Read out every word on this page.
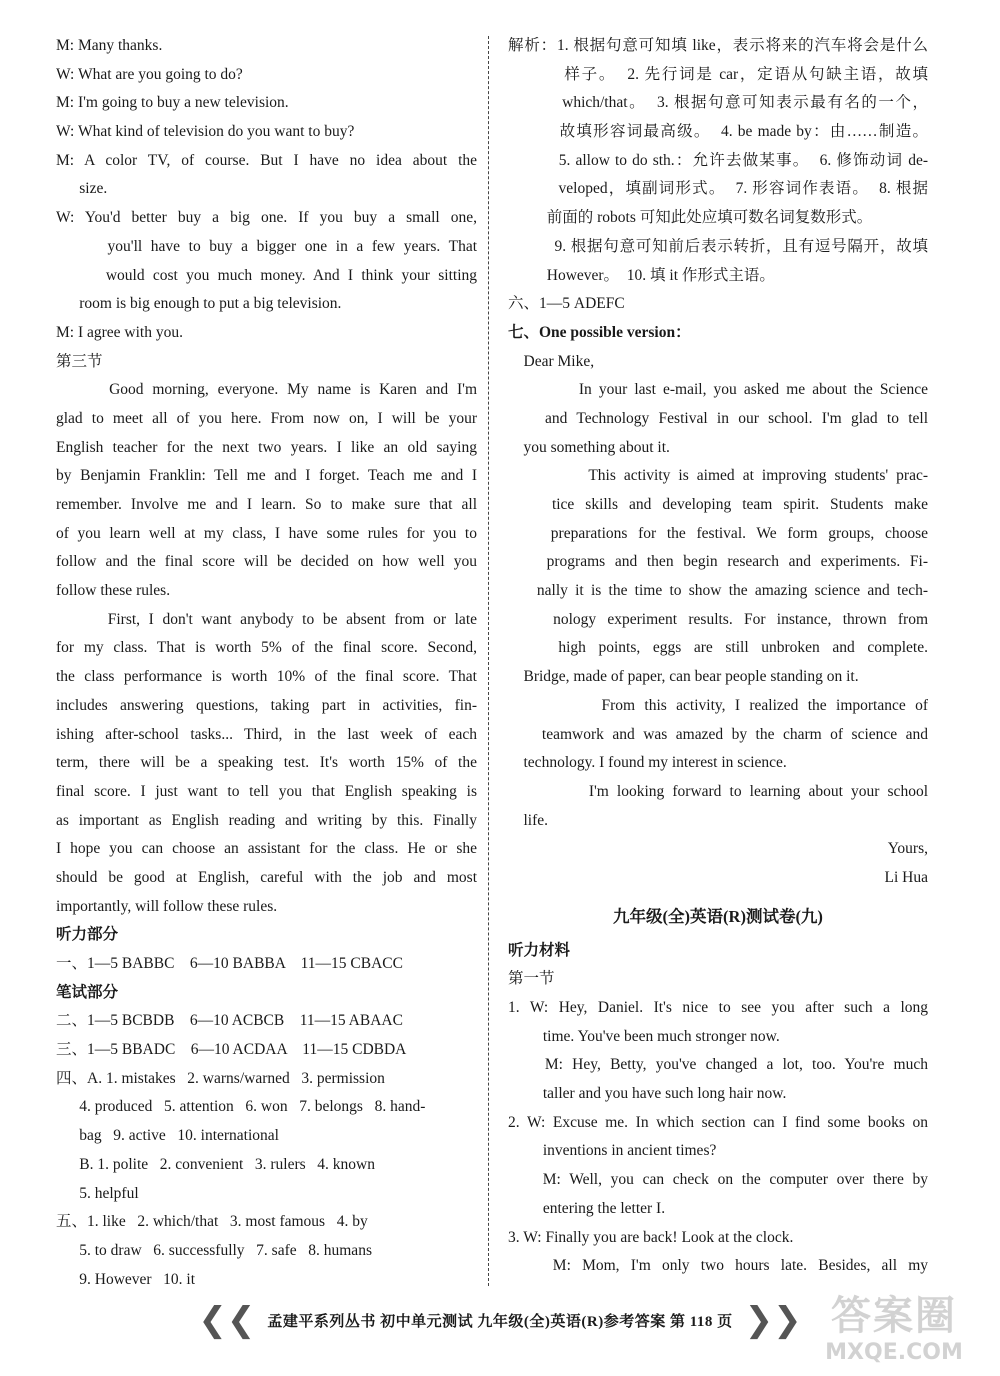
M: Many thanks.
W: What are you going to do?
M: I'm going to buy a new television.
W: What kind of television do you want to buy?
M: A color TV, of course. But I have no idea about the
size.
W: You'd better buy a big one. If you buy a small one,
you'll have to buy a bigger one in a few years. That
would cost you much money. And I think your sitting
room is big enough to put a big television.
M: I agree with you.
第三节
Good morning, everyone. My name is Karen and I'm
glad to meet all of you here. From now on, I will be your
English teacher for the next two years. I like an old saying
by Benjamin Franklin: Tell me and I forget. Teach me and I
remember. Involve me and I learn. So to make sure that all
of you learn well at my class, I have some rules for you to
follow and the final score will be decided on how well you
follow these rules.
First, I don't want anybody to be absent from or late
for my class. That is worth 5% of the final score. Second,
the class performance is worth 10% of the final score. That
includes answering questions, taking part in activities, fin-
ishing after-school tasks... Third, in the last week of each
term, there will be a speaking test. It's worth 15% of the
final score. I just want to tell you that English speaking is
as important as English reading and writing by this. Finally
I hope you can choose an assistant for the class. He or she
should be good at English, careful with the job and most
importantly, will follow these rules.
听力部分
一、1—5 BABBC    6—10 BABBA    11—15 CBACC
笔试部分
二、1—5 BCBDB    6—10 ACBCB    11—15 ABAAC
三、1—5 BBADC    6—10 ACDAA    11—15 CDBDA
四、A. 1. mistakes   2. warns/warned   3. permission
4. produced   5. attention   6. won   7. belongs   8. hand-
bag   9. active   10. international
B. 1. polite   2. convenient   3. rulers   4. known
5. helpful
五、1. like   2. which/that   3. most famous   4. by
5. to draw   6. successfully   7. safe   8. humans
9. However   10. it
解析：1. 根据句意可知填 like，表示将来的汽车将会是什么
样子。  2. 先行词是 car，定语从句缺主语，故填
which/that。  3. 根据句意可知表示最有名的一个，
故填形容词最高级。  4. be made by：由……制造。
5. allow to do sth.：允许去做某事。  6. 修饰动词 de-
veloped，填副词形式。  7. 形容词作表语。  8. 根据
前面的 robots 可知此处应填可数名词复数形式。
9. 根据句意可知前后表示转折，且有逗号隔开，故填
However。  10. 填 it 作形式主语。
六、1—5 ADEFC
七、One possible version：
Dear Mike,
In your last e-mail, you asked me about the Science
and Technology Festival in our school. I'm glad to tell
you something about it.
This activity is aimed at improving students' prac-
tice skills and developing team spirit. Students make
preparations for the festival. We form groups, choose
programs and then begin research and experiments. Fi-
nally it is the time to show the amazing science and tech-
nology experiment results. For instance, thrown from
high points, eggs are still unbroken and complete.
Bridge, made of paper, can bear people standing on it.
From this activity, I realized the importance of
teamwork and was amazed by the charm of science and
technology. I found my interest in science.
I'm looking forward to learning about your school
life.
Yours,
Li Hua
九年级(全)英语(R)测试卷(九)
听力材料
第一节
1. W: Hey, Daniel. It's nice to see you after such a long
time. You've been much stronger now.
M: Hey, Betty, you've changed a lot, too. You're much
taller and you have such long hair now.
2. W: Excuse me. In which section can I find some books on
inventions in ancient times?
M: Well, you can check on the computer over there by
entering the letter I.
3. W: Finally you are back! Look at the clock.
M: Mom, I'm only two hours late. Besides, all my
❮❮ 孟建平系列丛书 初中单元测试 九年级(全)英语(R)参考答案 第 118 页 ❯❯ 答案圈
MXQE.COM
